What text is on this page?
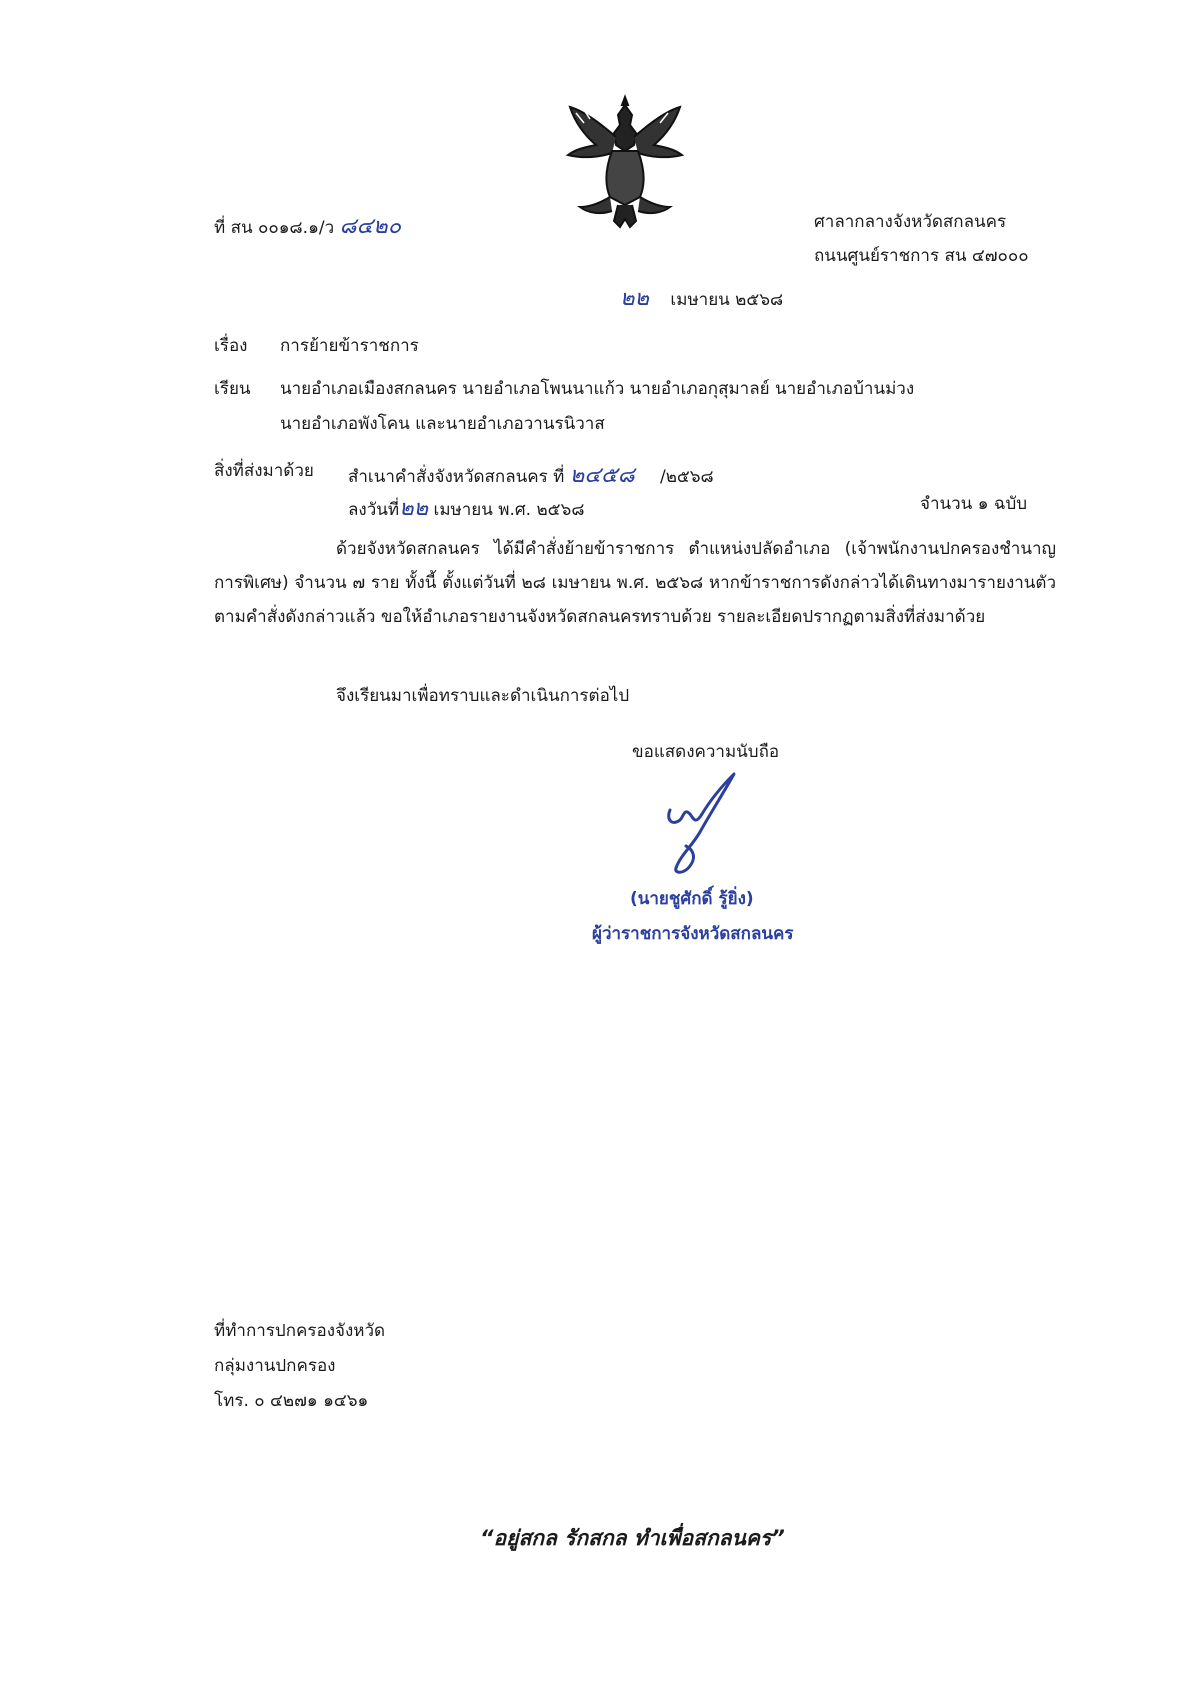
ที่ สน ๐๐๑๘.๑/ว ๘๔๒๐	ศาลากลางจังหวัดสกลนคร
ถนนศูนย์ราชการ สน ๔๗๐๐๐
๒๒ เมษายน ๒๕๖๘
เรื่อง การย้ายข้าราชการ
เรียน นายอำเภอเมืองสกลนคร นายอำเภอโพนนาแก้ว นายอำเภอกุสุมาลย์ นายอำเภอบ้านม่วง
นายอำเภอพังโคน และนายอำเภอวานรนิวาส
สิ่งที่ส่งมาด้วย สำเนาคำสั่งจังหวัดสกลนคร ที่ ๒๔๕๘ /๒๕๖๘
ลงวันที่๒๒ เมษายน พ.ศ. ๒๕๖๘	จำนวน ๑ ฉบับ
ด้วยจังหวัดสกลนคร ได้มีคำสั่งย้ายข้าราชการ ตำแหน่งปลัดอำเภอ (เจ้าพนักงานปกครองชำนาญการพิเศษ) จำนวน ๗ ราย ทั้งนี้ ตั้งแต่วันที่ ๒๘ เมษายน พ.ศ. ๒๕๖๘ หากข้าราชการดังกล่าวได้เดินทางมารายงานตัวตามคำสั่งดังกล่าวแล้ว ขอให้อำเภอรายงานจังหวัดสกลนครทราบด้วย รายละเอียดปรากฏตามสิ่งที่ส่งมาด้วย
จึงเรียนมาเพื่อทราบและดำเนินการต่อไป
ขอแสดงความนับถือ
(นายชูศักดิ์ รู้ยิ่ง)
ผู้ว่าราชการจังหวัดสกลนคร
ที่ทำการปกครองจังหวัด
กลุ่มงานปกครอง
โทร. ๐ ๔๒๗๑ ๑๔๖๑
“อยู่สกล รักสกล ทำเพื่อสกลนคร”
